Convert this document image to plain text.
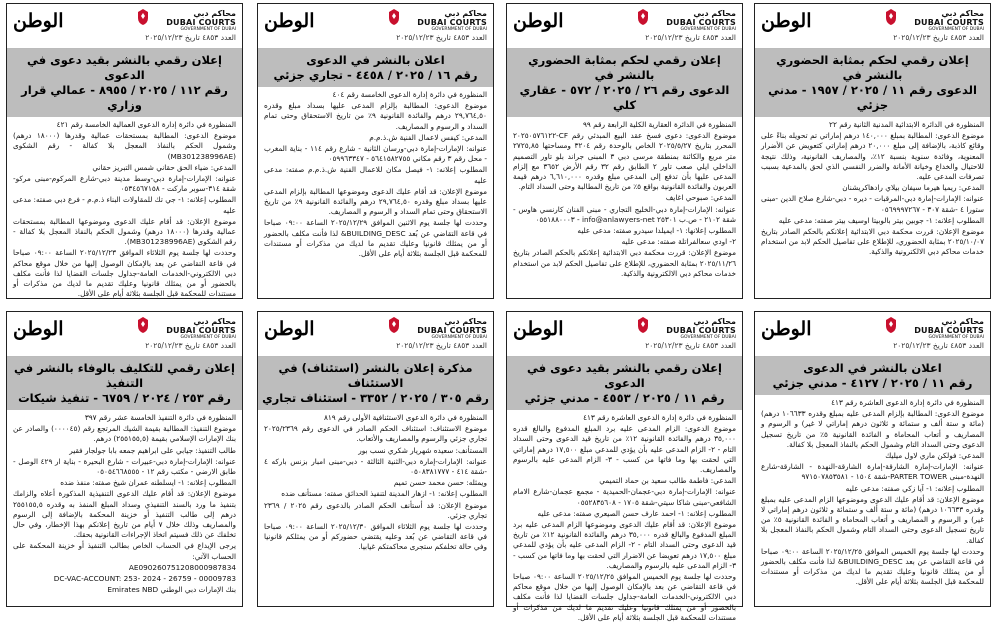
محاكم دبي
DUBAI COURTS
GOVERNMENT OF DUBAI
الوطن
العدد ٤٨٥٣ تاريخ ٢٠٢٥/١٢/٢٣
إعلان رقمي لحكم بمثابة الحضوري بالنشر في
الدعوى رقم ١١ / ٢٠٢٥ / ١٩٥٧ - مدني جزئي

المنظورة في الدائرة الابتدائية المدنية الثانية رقم ٢٢

موضوع الدعوى: المطالبة بمبلغ ١٤٠,٠٠٠ درهم إماراتي تم تحويله بناءً على وقائع كاذبة، بالإضافة إلى مبلغ ٢٠,٠٠٠ درهم إماراتي كتعويض عن الأضرار المعنوية، وفائدة سنوية بنسبة ١٢٪، والمصاريف القانونية، وذلك نتيجة للاحتيال والخداع وخيانة الأمانة والضرر النفسي الذي لحق بالمدعية بسبب تصرفات المدعى عليه.

المدعي: ريميا هيرما سيفان بيلاي رادهاكريشنان

عنوانه: الإمارات-إمارة دبي-المرقبات - ديره - دبي-شارع صلاح الدين -مبنى ستورا ٤ -شقة ٣٠٧ - ٠٥٦٩٩٩٧٢٦٧

المطلوب إعلانه: ١- جوبين بيتر بالوبيتا اوسيف بيتر صفته: مدعى عليه

موضوع الإعلان: قررت محكمة دبي الابتدائية إعلانكم بالحكم الصادر بتاريخ ٢٠٢٥/١٠/٠٧ بمثابة الحضوري، للإطلاع على تفاصيل الحكم لابد من استخدام خدمات محاكم دبي الالكترونية والذكية.

محاكم دبي
DUBAI COURTS
GOVERNMENT OF DUBAI
الوطن
العدد ٤٨٥٣ تاريخ ٢٠٢٥/١٢/٢٣
إعلان رقمي لحكم بمثابة الحضوري بالنشر في
الدعوى رقم ٢٦ / ٢٠٢٥ / ٥٧٢ - عقاري كلي

المنظورة في الدائرة العقارية الكلية الرابعة رقم ٩٩

موضوع الدعوى: دعوى فسخ عقد البيع المبدئي رقم CF-٢٠٢٥٠٥٧٦١٢٢ المحرر بتاريخ ٢٠٢٥/٥/٢٧ الخاص بالوحدة رقم ٣٢٠٤ ومساحتها ٢٧٢٥,٨٥ متر مربع والكائنة بمنطقة مرسى دبي ٣ المبنى جراند بلو تاور التصميم الداخلي ايلي صعب تاور ٢ الطابق رقم ٣٢ رقم الأرض ٣٦٥٢ مع إلزام المدعى عليها بأن تدفع إلى المدعي مبلغ وقدره ٦,٦١٠,٠٠٠ درهم قيمة العربون والفائدة القانونية بواقع ٥٪ من تاريخ المطالبة وحتى السداد التام.

المدعي: صبوحي اغايف

عنوانه: الإمارات-إمارة دبي-الخليج التجاري - مبنى الفنان كارنسي هاوس - شقة ٢١٠٢ - ص.ب ٢٥٣٠١ info@anlawyers-net - ٠٥٥١٨٨٠٠٠٣

المطلوب إعلانها: ١- ايميلدا سيدرو صفته: مدعى عليه

٢- اودي سعالفراتلة صفته: مدعى عليه

موضوع الإعلان: قررت محكمة دبي الابتدائية إعلانكم بالحكم الصادر بتاريخ ٢٠٢٥/١١/٢٦ بمثابة الحضوري، للإطلاع على تفاصيل الحكم لابد من استخدام خدمات محاكم دبي الالكترونية والذكية.

محاكم دبي
DUBAI COURTS
GOVERNMENT OF DUBAI
الوطن
العدد ٤٨٥٣ تاريخ ٢٠٢٥/١٢/٢٣
اعلان بالنشر في الدعوى
رقم ١٦ / ٢٠٢٥ / ٤٤٥٨ - تجاري جزئي

المنظورة في دائرة إدارة الدعوى الخامسة رقم ٤٠٤

موضوع الدعوى: المطالبة بإلزام المدعى عليها بسداد مبلغ وقدره ٢٩,٧٦٤,٥٠ درهم والفائدة القانونية ٩٪ من تاريخ الاستحقاق وحتى تمام السداد و الرسوم و المصاريف.

المدعي: كيفس لاعمال الفنية ش.ذ.م.م

عنوانه: الإمارات-إمارة دبي-ورسان الثانية - شارع رقم ١١٤ - بناية المغرب - محل رقم ٣ رقم مكاني ٥٦٤١٥٨٢٧٥٥ - ٠٥٩٩٦٣٣٤٧

المطلوب إعلانه: ١- فيصل مكان للاعمال الفنية ش.ذ.م.م صفته: مدعى عليه

موضوع الإعلان: قد أقام عليك الدعوى وموضوعها المطالبة بإلزام المدعى عليها بسداد مبلغ وقدره ٢٩,٧٦٤,٥٠ درهم والفائدة القانونية ٩٪ من تاريخ الاستحقاق وحتى تمام السداد و الرسوم و المصاريف.

وحددت لها جلسة يوم الاثنين الموافق ٢٠٢٥/١٢/٢٩ الساعة ٠٩:٠٠ صباحا في قاعة التقاضي عن بُعد BUILDING_DESC& لذا فأنت مكلف بالحضور أو من يمثلك قانونيا وعليك تقديم ما لديك من مذكرات أو مستندات للمحكمة قبل الجلسة بثلاثة أيام على الأقل.

محاكم دبي
DUBAI COURTS
GOVERNMENT OF DUBAI
الوطن
العدد ٤٨٥٣ تاريخ ٢٠٢٥/١٢/٢٣
إعلان رقمي بالنشر بقيد دعوى في الدعوى
رقم ١١٢ / ٢٠٢٥ / ٨٩٥٥ - عمالي قرار وزاري

المنظورة في دائرة إدارة الدعوى العمالية الخامسة رقم ٤٢١

موضوع الدعوى: المطالبة بمستحقات عمالية وقدرها (١٨٠٠٠ درهم) وشمول الحكم بالنفاذ المعجل بلا كفالة - رقم الشكوى (MB301238996AE)

المدعي: ضياء الحق حقاني شمس التبريز حقاني

عنوانه: الإمارات-إمارة دبي-وسط مدينة دبي-شارع المركوم-مبنى مركو-شقة ٣١٤-سوبر ماركت - ٠٥٣٤٥٦٧١٥٨

المطلوب إعلانه: ١- جي تك للمقاولات البناء ذ.م.م - فرع دبي صفته: مدعى عليه

موضوع الإعلان: قد أقام عليك الدعوى وموضوعها المطالبة بمستحقات عمالية وقدرها (١٨٠٠٠ درهم) وشمول الحكم بالنفاذ المعجل بلا كفالة - رقم الشكوى (MB301238996AE).

وحددت لها جلسة يوم الثلاثاء الموافق ٢٠٢٥/١٢/٢٣ الساعة ٠٩:٠٠ صباحا في قاعة التقاضي عن بعد بالإمكان الوصول إليها من خلال موقع محاكم دبي الالكتروني-الخدمات العامة-جداول جلسات القضايا لذا فأنت مكلف بالحضور أو من يمثلك قانونيا وعليك تقديم ما لديك من مذكرات أو مستندات للمحكمة قبل الجلسة بثلاثة أيام على الأقل.

محاكم دبي
DUBAI COURTS
GOVERNMENT OF DUBAI
الوطن
العدد ٤٨٥٣ تاريخ ٢٠٢٥/١٢/٢٣
اعلان بالنشر في الدعوى
رقم ١١ / ٢٠٢٥ / ٤١٢٧ - مدني جزئي

المنظورة في دائرة إدارة الدعوى العاشرة رقم ٤١٣

موضوع الدعوى: المطالبة بإلزام المدعى عليه بمبلغ وقدره ١٠٦٦٣٣ درهم) (مائة و ستة ألف و ستمائة و ثلاثون درهم إماراتي لا غير) و الرسوم و المصاريف و أتعاب المحاماة و الفائدة القانونية ٥٪ من تاريخ تسجيل الدعوى وحتى السداد التام وشمول الحكم بالنفاذ المعجل بلا كفالة.

المدعي: فولكن ماري لاول ميليك

عنوانه: الإمارات-إمارة الشارقة-إمارة الشارقة-النهدة - الشارقة-شارع النهدة-مبنى PARTER TOWER-شقة ١٥٠٤ - ٩٧١٥٠٧٨٥٣٥٨١

المطلوب إعلانه: ١- آيا زكي صفته: مدعى عليه

موضوع الإعلان: قد أقام عليك الدعوى وموضوعها الزام المدعى عليه بمبلغ وقدره ١٠٦٦٣٣ درهم) (مائة و ستة ألف و ستمائة و ثلاثون درهم إماراتي لا غير) و الرسوم و المصاريف و أتعاب المحاماة و الفائدة القانونية ٥٪ من تاريخ تسجيل الدعوى وحتى السداد التام وشمول الحكم بالنفاذ المعجل بلا كفالة.

وحددت لها جلسة يوم الخميس الموافق ٢٠٢٥/١٢/٢٥ الساعة ٠٩:٠٠ صباحا في قاعة التقاضي عن بعد BUILDING_DESC& لذا فأنت مكلف بالحضور أو من يمثلك قانونيا وعليك تقديم ما لديك من مذكرات أو مستندات للمحكمة قبل الجلسة بثلاثة أيام على الأقل.

محاكم دبي
DUBAI COURTS
GOVERNMENT OF DUBAI
الوطن
العدد ٤٨٥٣ تاريخ ٢٠٢٥/١٢/٢٣
إعلان رقمي بالنشر بقيد دعوى في الدعوى
رقم ١١ / ٢٠٢٥ / ٤٥٥٣ - مدني جزئي

المنظورة في دائرة إدارة الدعوى العاشرة رقم ٤١٣

موضوع الدعوى: الزام المدعى عليه برد المبلغ المدفوع والبالغ قدره ٣٥,٠٠٠ درهم والفائدة القانونية ١٢٪ من تاريخ قيد الدعوى وحتى السداد التام - ٢- الزام المدعى عليه بأن يؤدي للمدعي مبلغ ١٧,٥٠٠ درهم إماراتي التي لحقت بها وما فاتها من كسب - ٣- الزام المدعى عليه بالرسوم والمصاريف.

المدعي: فاطمة طالب سعيد بن حماد التميمي

عنوانه: الإمارات-إمارة دبي-عجمان-الحميدية - مجمع عجمان-شارع الامام الشافعي-مبنى شاكا سيتي-شقة ١٧٠٥ - ٠٥٥٢٨٣٥٦٠٨

المطلوب إعلانه: ١- احمد عارف حسن الصيعري صفته: مدعى عليه

موضوع الإعلان: قد أقام عليك الدعوى وموضوعها الزام المدعى عليه برد المبلغ المدفوع والبالغ قدره ٣٥,٠٠٠ درهم والفائدة القانونية ١٢٪ من تاريخ قيد الدعوى وحتى السداد التام - ٢- الزام المدعى عليه بأن يؤدي للمدعي مبلغ ١٧,٥٠٠ درهم تعويضا عن الاضرار التي لحقت بها وما فاتها من كسب - ٣- الزام المدعى عليه بالرسوم والمصاريف.

وحددت لها جلسة يوم الخميس الموافق ٢٠٢٥/١٢/٢٥ الساعة ٠٩:٠٠ صباحا في قاعة التقاضي عن بعد بالإمكان الوصول إليها من خلال موقع محاكم دبي الالكتروني-الخدمات العامة-جداول جلسات القضايا لذا فأنت مكلف بالحضور أو من يمثلك قانونيا وعليك تقديم ما لديك من مذكرات أو مستندات للمحكمة قبل الجلسة بثلاثة أيام على الأقل.

محاكم دبي
DUBAI COURTS
GOVERNMENT OF DUBAI
الوطن
العدد ٤٨٥٣ تاريخ ٢٠٢٥/١٢/٢٣
مذكرة إعلان بالنشر (استئناف) في الاستئناف
رقم ٣٠٥ / ٢٠٢٥ / ٣٣٥٢ - استئناف تجاري

المنظورة في دائرة الدعوى الاستئنافية الأولى رقم ٨١٩

موضوع الاستئناف: استئناف الحكم الصادر في الدعوى رقم ٢٠٢٥/٢٣٦٩ تجاري جزئي والرسوم والمصاريف والأتعاب.

المستأنف: سعيده شهريار شكري نسب بور

عنوانه: الإمارات-إمارة دبي-الثنية الثالثة - دبي-مبنى امبار بزنس باركه ٤ -شقة ٤١٤ - ٠٥٠٨٣٨١٧٧٧

ويمثله: حسن محمد حسن تميم

المطلوب إعلانه: ١- ازهار المدينة لتنفيذ الحدائق صفته: مستأنف ضده

موضوع الإعلان: قد أستأنف الحكم الصادر بالدعوى رقم ٢٠٢٥ / ٢٣٦٩ تجاري جزئي.

وحددت لها جلسة يوم الثلاثاء الموافق ٢٠٢٥/١٢/٣٠ الساعة ٠٩:٠٠ صباحا في قاعة التقاضي عن بُعد وعليه يقتضي حضوركم أو من يمثلكم قانونيا وفي حالة تخلفكم ستجرى محاكمتكم غيابيا.

محاكم دبي
DUBAI COURTS
GOVERNMENT OF DUBAI
الوطن
العدد ٤٨٥٣ تاريخ ٢٠٢٥/١٢/٢٣
إعلان رقمي للتكليف بالوفاء بالنشر في التنفيذ
رقم ٢٥٣ / ٢٠٢٤ / ٦٧٥٩ - تنفيذ شيكات

المنظورة في دائرة التنفيذ الخامسة عشر رقم ٣٩٧

موضوع التنفيذ: المطالبة بقيمة الشيك المرتجع رقم (٠٠٠٠٤٥) والصادر عن بنك الإمارات الإسلامي بقيمة (٢٥٥١٥٥,٥) درهم.

طالب التنفيذ: جيابي على ابراهيم جمعه بابا جولجار فقير

عنوانه: الإمارات-إمارة دبي-عبيرات - شارع البحيرة - بناية ار ٤٢٩ الوصل - طابق الارضي - مكتب رقم ١٢ - ٠٥٠٥٤٦٦٨٥٥٥

المطلوب إعلانه: ١- ايسلطنه عمران شيخ صفته: منفذ ضده

موضوع الإعلان: قد أقام عليك الدعوى التنفيذية المذكورة أعلاه والزامك بتنفيذ ما ورد بالسند التنفيذي وسداد المبلغ المنفذ به وقدره ٢٥٥١٥٥,٥ درهم إلى طالب التنفيذ أو خزينة المحكمة بالإضافة إلى الرسوم والمصاريف وذلك خلال ٧ أيام من تاريخ إعلانكم بهذا الإخطار، وفي حال تخلفك عن ذلك فسيتم اتخاذ الإجراءات القانونية بحقك.

يرجى الإيداع في الحساب الخاص بطالب التنفيذ أو خزينة المحكمة على الحساب الآتي:

AE090260751208000987834

DC-VAC-ACCOUNT: 253- 2024 - 26759 - 00009783

بنك الإمارات دبي الوطني Emirates NBD
